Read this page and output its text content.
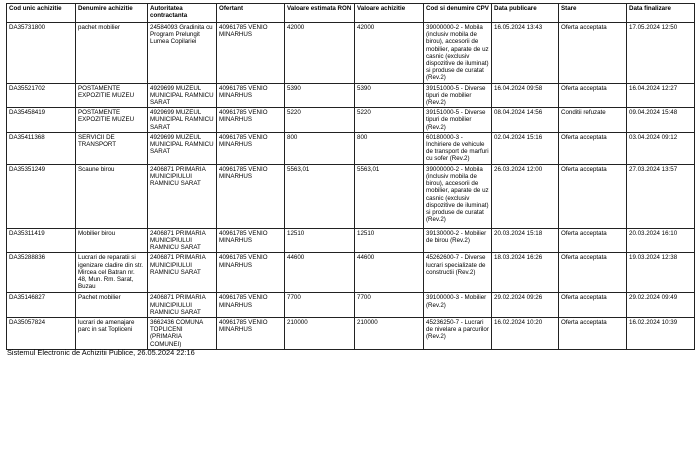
Cod unic achizitie	Denumire achizitie	Autoritatea contractanta	Ofertant	Valoare estimata RON	Valoare achizitie	Cod si denumire CPV	Data publicare	Stare	Data finalizare
DA35731800	pachet mobilier	24584093 Gradinita cu Program Prelungit Lumea Copilariei	40961785 VENIO MINARHUS	42000	42000	39000000-2 - Mobila (inclusiv mobila de birou), accesorii de mobilier, aparate de uz casnic (exclusiv dispozitive de iluminat) si produse de curatat (Rev.2)	16.05.2024 13:43	Oferta acceptata	17.05.2024 12:50
DA35521702	POSTAMENTE EXPOZITIE MUZEU	4929699 MUZEUL MUNICIPAL RAMNICU SARAT	40961785 VENIO MINARHUS	5390	5390	39151000-5 - Diverse tipuri de mobilier (Rev.2)	16.04.2024 09:58	Oferta acceptata	16.04.2024 12:27
DA35458419	POSTAMENTE EXPOZITIE MUZEU	4929699 MUZEUL MUNICIPAL RAMNICU SARAT	40961785 VENIO MINARHUS	5220	5220	39151000-5 - Diverse tipuri de mobilier (Rev.2)	08.04.2024 14:56	Conditii refuzate	09.04.2024 15:48
DA35411368	SERVICII DE TRANSPORT	4929699 MUZEUL MUNICIPAL RAMNICU SARAT	40961785 VENIO MINARHUS	800	800	60180000-3 - Inchiriere de vehicule de transport de marfuri cu sofer (Rev.2)	02.04.2024 15:16	Oferta acceptata	03.04.2024 09:12
DA35351249	Scaune birou	2406871 PRIMARIA MUNICIPIULUI RAMNICU SARAT	40961785 VENIO MINARHUS	5563,01	5563,01	39000000-2 - Mobila (inclusiv mobila de birou), accesorii de mobilier, aparate de uz casnic (exclusiv dispozitive de iluminat) si produse de curatat (Rev.2)	26.03.2024 12:00	Oferta acceptata	27.03.2024 13:57
DA35311419	Mobilier birou	2406871 PRIMARIA MUNICIPIULUI RAMNICU SARAT	40961785 VENIO MINARHUS	12510	12510	39130000-2 - Mobilier de birou (Rev.2)	20.03.2024 15:18	Oferta acceptata	20.03.2024 16:10
DA35288836	Lucrari de reparatii si igenizare cladire din str. Mircea cel Batran nr. 48, Mun. Rm. Sarat, Buzau	2406871 PRIMARIA MUNICIPIULUI RAMNICU SARAT	40961785 VENIO MINARHUS	44600	44600	45262600-7 - Diverse lucrari specializate de constructii (Rev.2)	18.03.2024 16:26	Oferta acceptata	19.03.2024 12:38
DA35146827	Pachet mobilier	2406871 PRIMARIA MUNICIPIULUI RAMNICU SARAT	40961785 VENIO MINARHUS	7700	7700	39100000-3 - Mobilier (Rev.2)	29.02.2024 09:26	Oferta acceptata	29.02.2024 09:49
DA35057824	lucrari de amenajare parc in sat Topliceni	3662436 COMUNA TOPLICENI (PRIMARIA COMUNEI)	40961785 VENIO MINARHUS	210000	210000	45236250-7 - Lucrari de nivelare a parcurilor (Rev.2)	16.02.2024 10:20	Oferta acceptata	16.02.2024 10:39
Sistemul Electronic de Achizitii Publice, 26.05.2024 22:16
